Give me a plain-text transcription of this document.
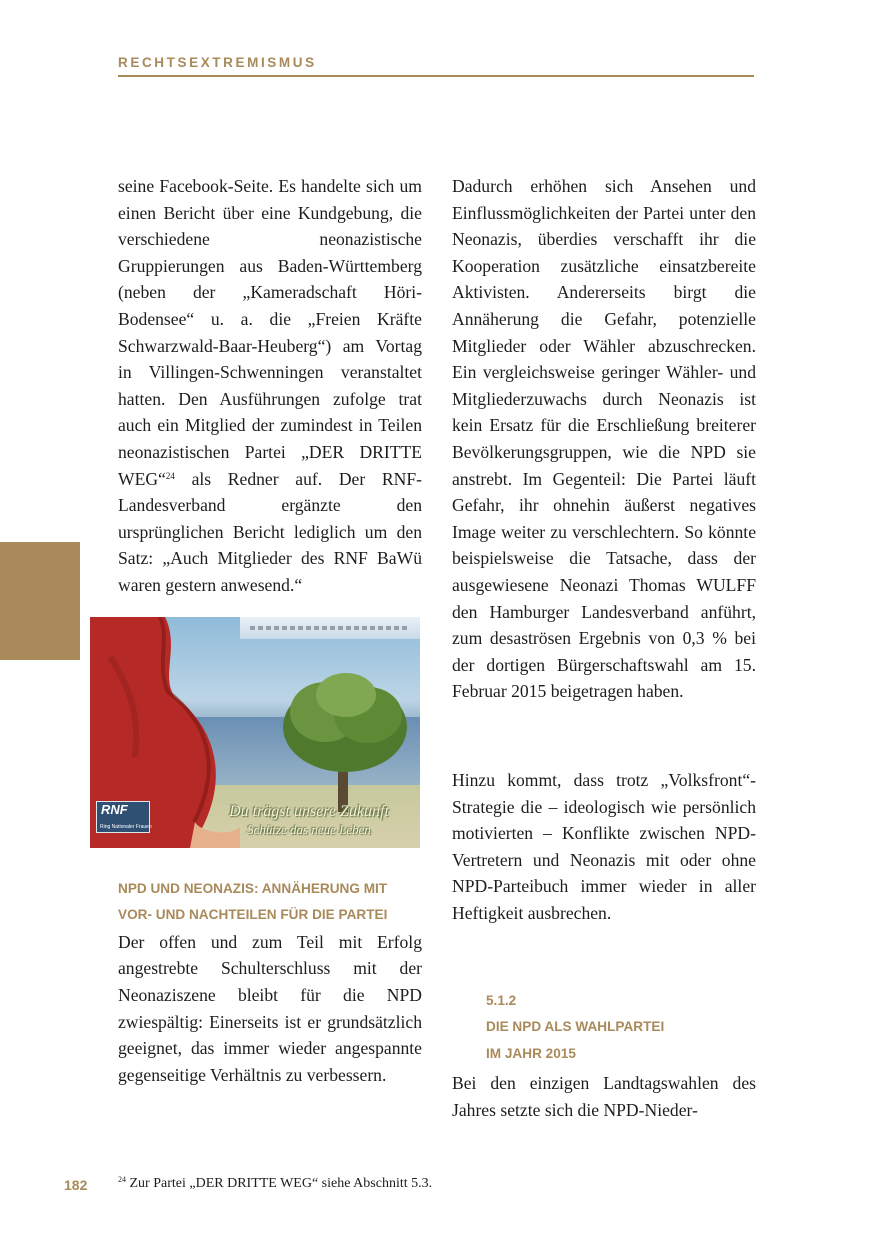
RECHTSEXTREMISMUS

seine Facebook-Seite. Es handelte sich um einen Bericht über eine Kundgebung, die verschiedene neonazistische Gruppierungen aus Baden-Württemberg (neben der „Kameradschaft Höri-Bodensee“ u. a. die „Freien Kräfte Schwarzwald-Baar-Heuberg“) am Vortag in Villingen-Schwenningen veranstaltet hatten. Den Ausführungen zufolge trat auch ein Mitglied der zumindest in Teilen neonazistischen Partei „DER DRITTE WEG“$^{24}$ als Redner auf. Der RNF-Landesverband ergänzte den ursprünglichen Bericht lediglich um den Satz: „Auch Mitglieder des RNF BaWü waren gestern anwesend.“

RNF
Ring Nationaler Frauen
Du trägst unsere Zukunft
Schütze das neue Leben
NPD UND NEONAZIS: ANNÄHERUNG MIT VOR- UND NACHTEILEN FÜR DIE PARTEI

Der offen und zum Teil mit Erfolg angestrebte Schulterschluss mit der Neonaziszene bleibt für die NPD zwiespältig: Einerseits ist er grundsätzlich geeignet, das immer wieder angespannte gegenseitige Verhältnis zu verbessern.

Dadurch erhöhen sich Ansehen und Einflussmöglichkeiten der Partei unter den Neonazis, überdies verschafft ihr die Kooperation zusätzliche einsatzbereite Aktivisten. Andererseits birgt die Annäherung die Gefahr, potenzielle Mitglieder oder Wähler abzuschrecken. Ein vergleichsweise geringer Wähler- und Mitgliederzuwachs durch Neonazis ist kein Ersatz für die Erschließung breiterer Bevölkerungsgruppen, wie die NPD sie anstrebt. Im Gegenteil: Die Partei läuft Gefahr, ihr ohnehin äußerst negatives Image weiter zu verschlechtern. So könnte beispielsweise die Tatsache, dass der ausgewiesene Neonazi Thomas WULFF den Hamburger Landesverband anführt, zum desaströsen Ergebnis von 0,3 % bei der dortigen Bürgerschaftswahl am 15. Februar 2015 beigetragen haben.

Hinzu kommt, dass trotz „Volksfront“-Strategie die – ideologisch wie persönlich motivierten – Konflikte zwischen NPD-Vertretern und Neonazis mit oder ohne NPD-Parteibuch immer wieder in aller Heftigkeit ausbrechen.

5.1.2
DIE NPD ALS WAHLPARTEI
IM JAHR 2015

Bei den einzigen Landtagswahlen des Jahres setzte sich die NPD-Nieder-

182	$^{24}$ Zur Partei „DER DRITTE WEG“ siehe Abschnitt 5.3.
